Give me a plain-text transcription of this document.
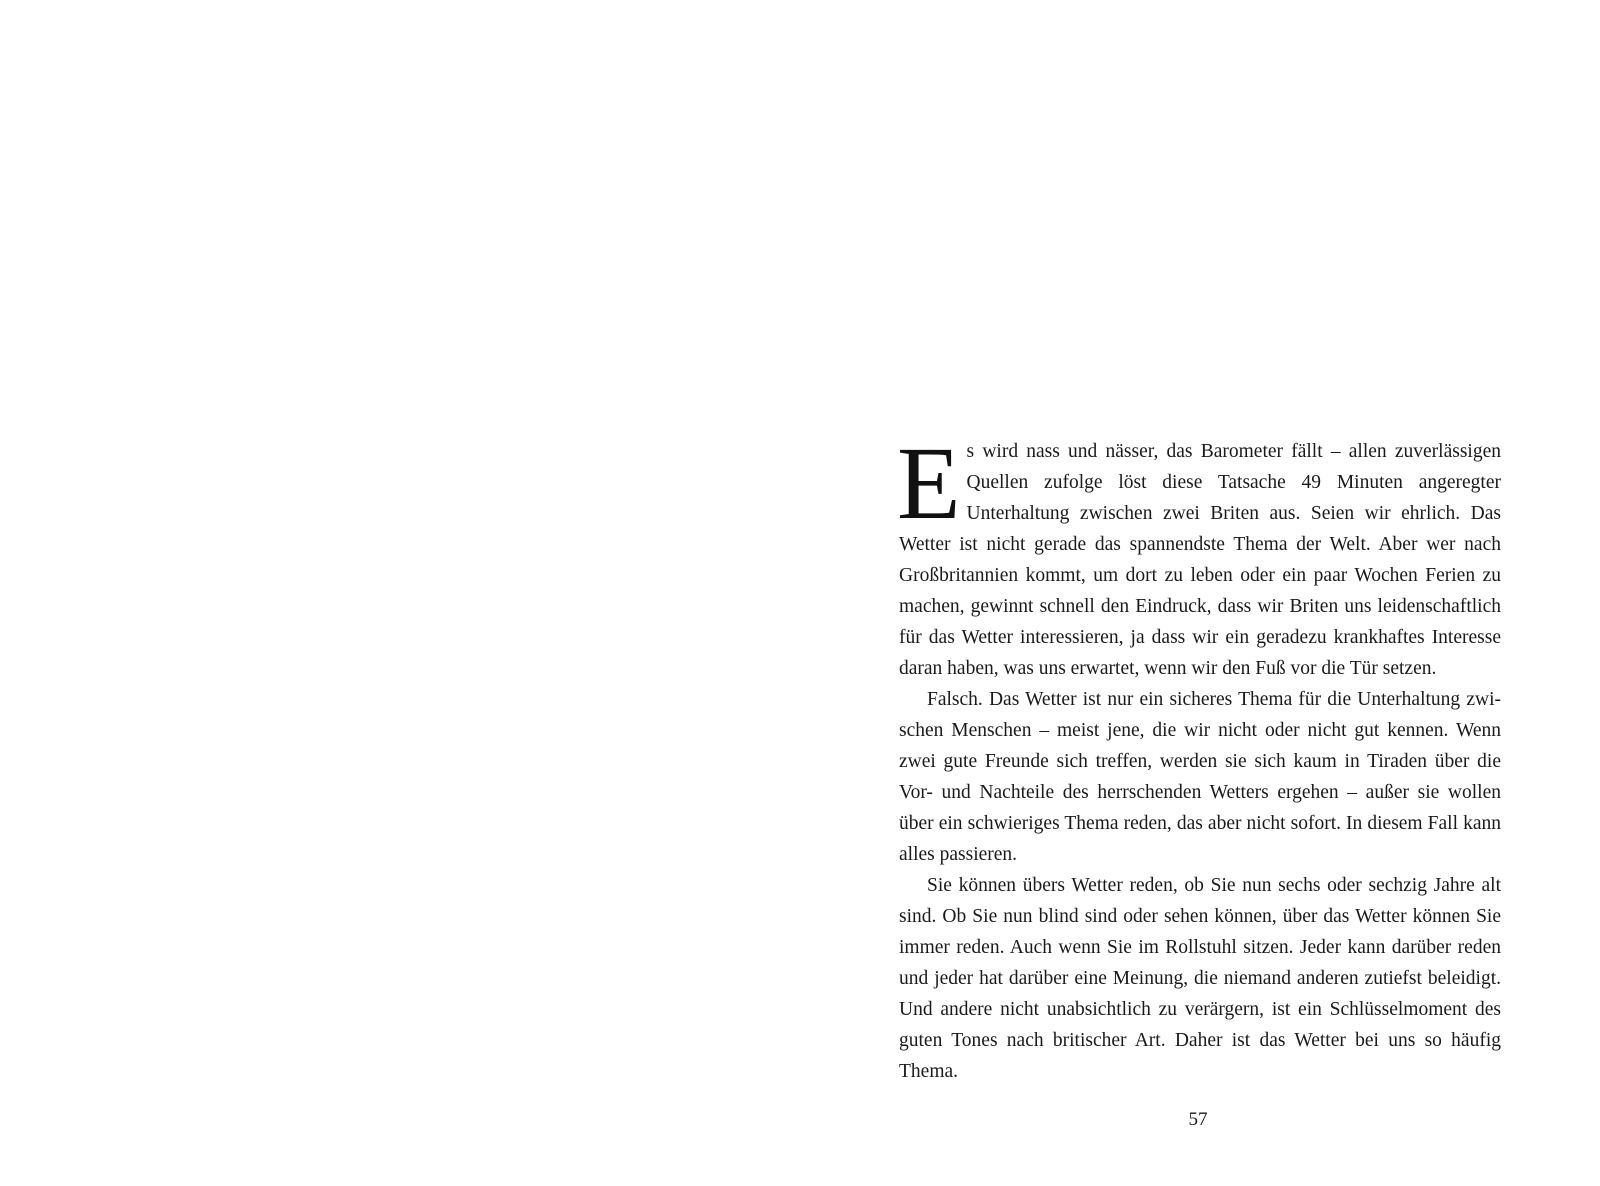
Es wird nass und nässer, das Barometer fällt – allen zuverlässigen Quellen zufolge löst diese Tatsache 49 Minuten angeregter Unterhaltung zwischen zwei Briten aus. Seien wir ehrlich. Das Wetter ist nicht gerade das spannendste Thema der Welt. Aber wer nach Großbritannien kommt, um dort zu leben oder ein paar Wochen Ferien zu machen, gewinnt schnell den Eindruck, dass wir Briten uns leidenschaftlich für das Wetter interessieren, ja dass wir ein geradezu krankhaftes Interesse daran haben, was uns erwartet, wenn wir den Fuß vor die Tür setzen.

Falsch. Das Wetter ist nur ein sicheres Thema für die Unterhaltung zwischen Menschen – meist jene, die wir nicht oder nicht gut kennen. Wenn zwei gute Freunde sich treffen, werden sie sich kaum in Tiraden über die Vor- und Nachteile des herrschenden Wetters ergehen – außer sie wollen über ein schwieriges Thema reden, das aber nicht sofort. In diesem Fall kann alles passieren.

Sie können übers Wetter reden, ob Sie nun sechs oder sechzig Jahre alt sind. Ob Sie nun blind sind oder sehen können, über das Wetter können Sie immer reden. Auch wenn Sie im Rollstuhl sitzen. Jeder kann darüber reden und jeder hat darüber eine Meinung, die niemand anderen zutiefst beleidigt. Und andere nicht unabsichtlich zu verärgern, ist ein Schlüsselmoment des guten Tones nach britischer Art. Daher ist das Wetter bei uns so häufig Thema.

57
